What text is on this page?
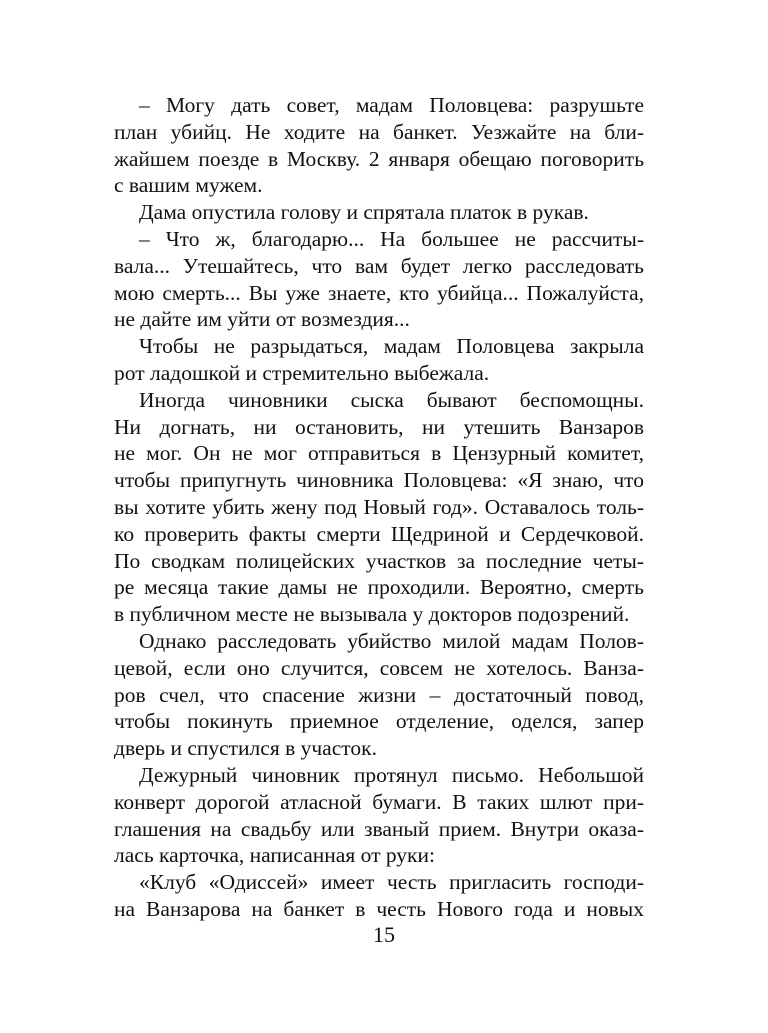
– Могу дать совет, мадам Половцева: разрушьте
план убийц. Не ходите на банкет. Уезжайте на бли-
жайшем поезде в Москву. 2 января обещаю поговорить
с вашим мужем.
Дама опустила голову и спрятала платок в рукав.
– Что ж, благодарю... На большее не рассчиты-
вала... Утешайтесь, что вам будет легко расследовать
мою смерть... Вы уже знаете, кто убийца... Пожалуйста,
не дайте им уйти от возмездия...
Чтобы не разрыдаться, мадам Половцева закрыла
рот ладошкой и стремительно выбежала.
Иногда чиновники сыска бывают беспомощны.
Ни догнать, ни остановить, ни утешить Ванзаров
не мог. Он не мог отправиться в Цензурный комитет,
чтобы припугнуть чиновника Половцева: «Я знаю, что
вы хотите убить жену под Новый год». Оставалось толь-
ко проверить факты смерти Щедриной и Сердечковой.
По сводкам полицейских участков за последние четы-
ре месяца такие дамы не проходили. Вероятно, смерть
в публичном месте не вызывала у докторов подозрений.
Однако расследовать убийство милой мадам Полов-
цевой, если оно случится, совсем не хотелось. Ванза-
ров счел, что спасение жизни – достаточный повод,
чтобы покинуть приемное отделение, оделся, запер
дверь и спустился в участок.
Дежурный чиновник протянул письмо. Небольшой
конверт дорогой атласной бумаги. В таких шлют при-
глашения на свадьбу или званый прием. Внутри оказа-
лась карточка, написанная от руки:
«Клуб «Одиссей» имеет честь пригласить господи-
на Ванзарова на банкет в честь Нового года и новых
15
